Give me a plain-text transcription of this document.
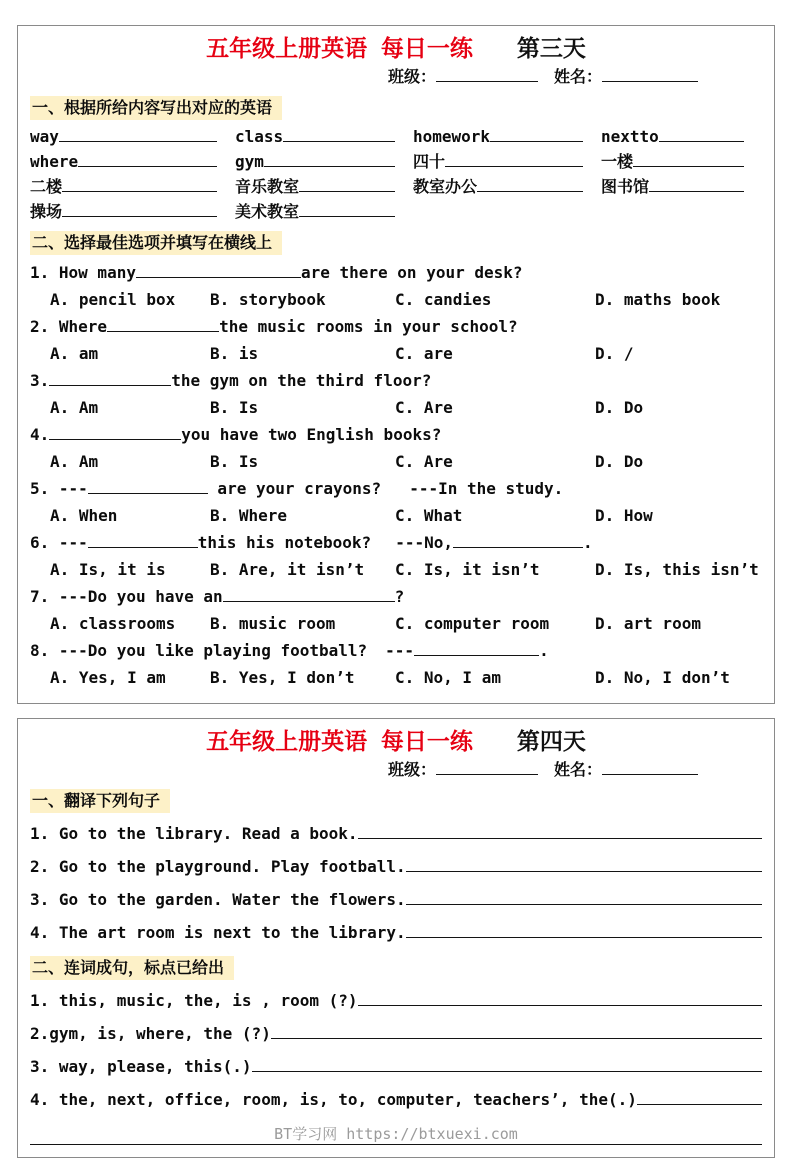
五年级上册英语 每日一练 第三天
班级：	姓名：
一、根据所给内容写出对应的英语
way	class	homework	nextto
where	gym	四十	一楼
二楼	音乐教室	教室办公	图书馆
操场	美术教室
二、选择最佳选项并填写在横线上
1. How many	are there on your desk?
A. pencil box	B. storybook	C. candies	D. maths book
2. Where	the music rooms in your school?
A. am	B. is	C. are	D. /
3.	the gym on the third floor?
A. Am	B. Is	C. Are	D. Do
4.	you have two English books?
A. Am	B. Is	C. Are	D. Do
5. ---	are your crayons? ---In the study.
A. When	B. Where	C. What	D. How
6. ---	this his notebook? ---No,	.
A. Is, it is	B. Are, it isn’t	C. Is, it isn’t	D. Is, this isn’t
7. ---Do you have an	?
A. classrooms	B. music room	C. computer room	D. art room
8. ---Do you like playing football? ---	.
A. Yes, I am	B. Yes, I don’t	C. No, I am	D. No, I don’t
五年级上册英语 每日一练 第四天
班级：	姓名：
一、翻译下列句子
1. Go to the library. Read a book.
2. Go to the playground. Play football.
3. Go to the garden. Water the flowers.
4. The art room is next to the library.
二、连词成句，标点已给出
1. this, music, the, is , room (?)
2.gym, is, where, the (?)
3. way, please, this(.)
4. the, next, office, room, is, to, computer, teachers’, the(.)
BT学习网 https://btxuexi.com
